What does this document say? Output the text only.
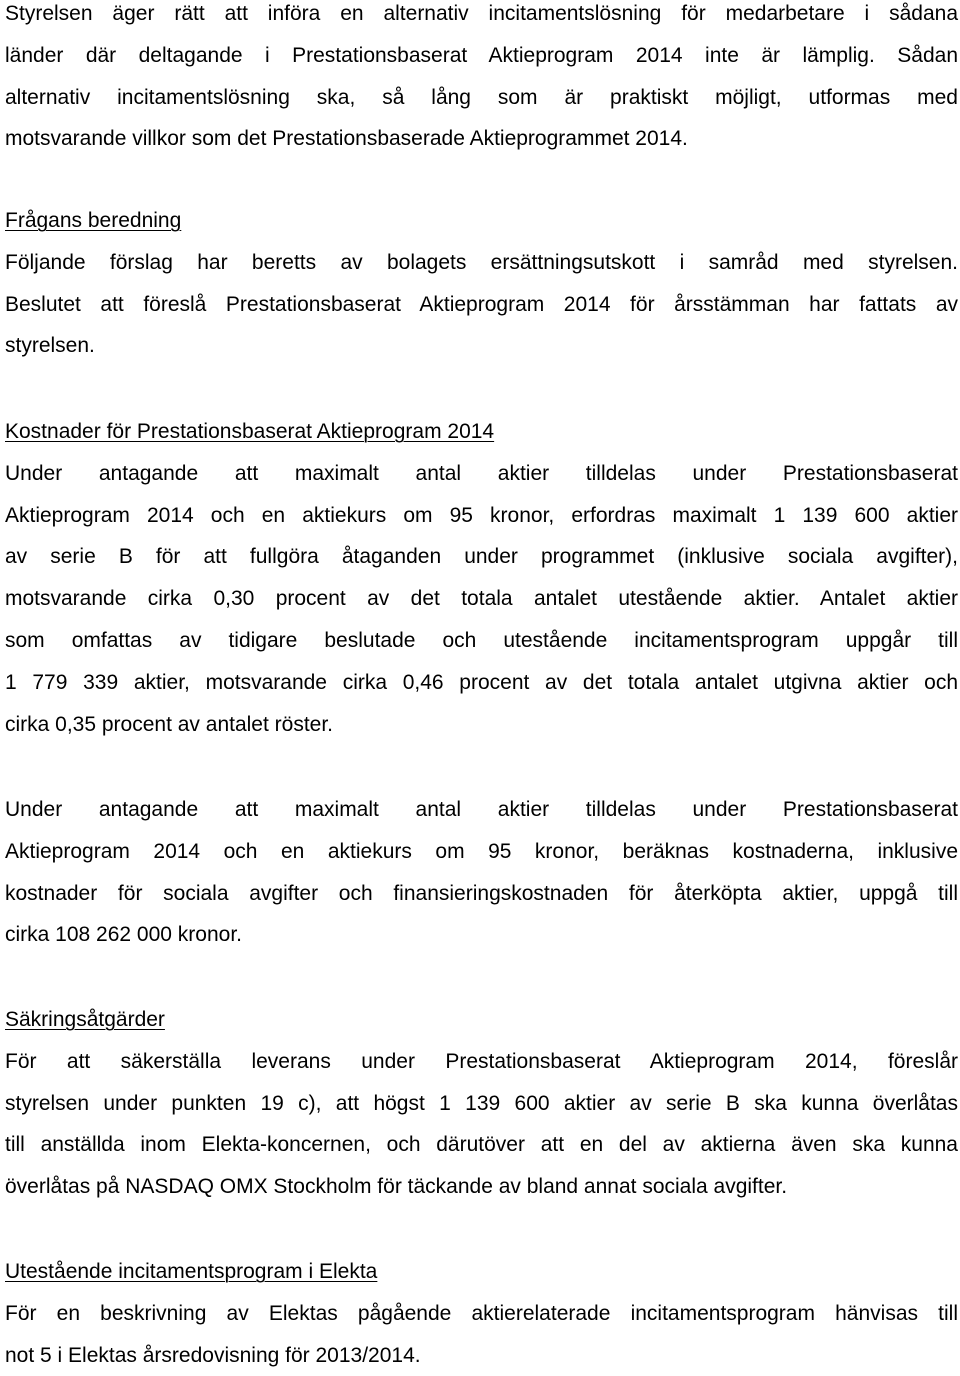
Styrelsen äger rätt att införa en alternativ incitamentslösning för medarbetare i sådana
länder där deltagande i Prestationsbaserat Aktieprogram 2014 inte är lämplig. Sådan
alternativ incitamentslösning ska, så lång som är praktiskt möjligt, utformas med
motsvarande villkor som det Prestationsbaserade Aktieprogrammet 2014.
Frågans beredning
Följande förslag har beretts av bolagets ersättningsutskott i samråd med styrelsen.
Beslutet att föreslå Prestationsbaserat Aktieprogram 2014 för årsstämman har fattats av
styrelsen.
Kostnader för Prestationsbaserat Aktieprogram 2014
Under antagande att maximalt antal aktier tilldelas under Prestationsbaserat
Aktieprogram 2014 och en aktiekurs om 95 kronor, erfordras maximalt 1 139 600 aktier
av serie B för att fullgöra åtaganden under programmet (inklusive sociala avgifter),
motsvarande cirka 0,30 procent av det totala antalet utestående aktier. Antalet aktier
som omfattas av tidigare beslutade och utestående incitamentsprogram uppgår till
1 779 339 aktier, motsvarande cirka 0,46 procent av det totala antalet utgivna aktier och
cirka 0,35 procent av antalet röster.
Under antagande att maximalt antal aktier tilldelas under Prestationsbaserat
Aktieprogram 2014 och en aktiekurs om 95 kronor, beräknas kostnaderna, inklusive
kostnader för sociala avgifter och finansieringskostnaden för återköpta aktier, uppgå till
cirka 108 262 000 kronor.
Säkringsåtgärder
För att säkerställa leverans under Prestationsbaserat Aktieprogram 2014, föreslår
styrelsen under punkten 19 c), att högst 1 139 600 aktier av serie B ska kunna överlåtas
till anställda inom Elekta-koncernen, och därutöver att en del av aktierna även ska kunna
överlåtas på NASDAQ OMX Stockholm för täckande av bland annat sociala avgifter.
Utestående incitamentsprogram i Elekta
För en beskrivning av Elektas pågående aktierelaterade incitamentsprogram hänvisas till
not 5 i Elektas årsredovisning för 2013/2014.
